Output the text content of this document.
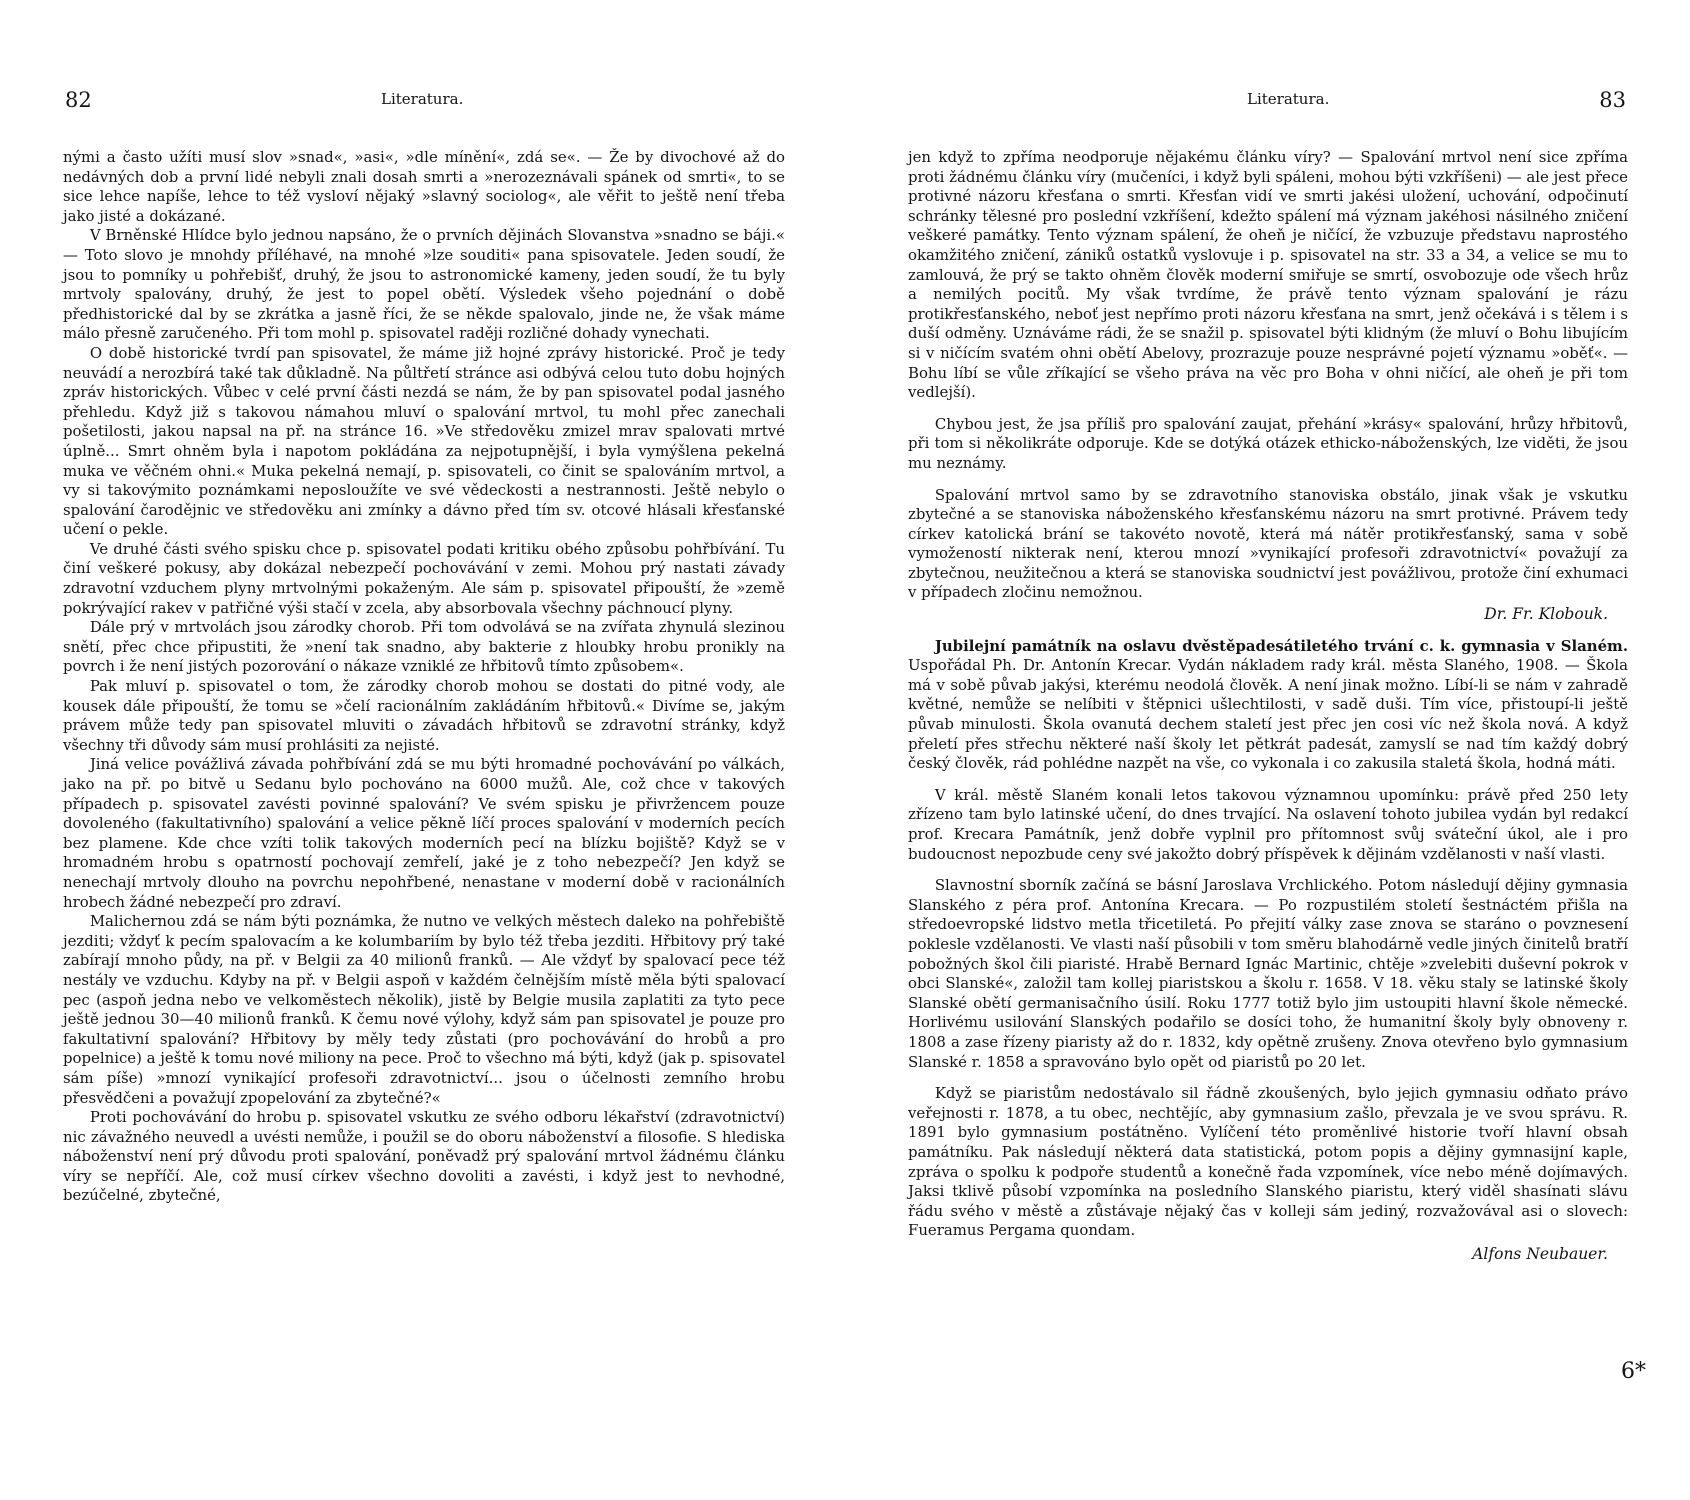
82	Literatura.

nými a často užíti musí slov »snad«, »asi«, »dle mínění«, zdá se«. — Že by divochové až do nedávných dob a první lidé nebyli znali dosah smrti a »nerozeznávali spánek od smrti«, to se sice lehce napíše, lehce to též vysloví nějaký »slavný sociolog«, ale věřit to ještě není třeba jako jisté a dokázané.

V Brněnské Hlídce bylo jednou napsáno, že o prvních dějinách Slovanstva »snadno se báji.« — Toto slovo je mnohdy příléhavé, na mnohé »lze souditi« pana spisovatele. Jeden soudí, že jsou to pomníky u pohřebišť, druhý, že jsou to astronomické kameny, jeden soudí, že tu byly mrtvoly spalovány, druhý, že jest to popel obětí. Výsledek všeho pojednání o době předhistorické dal by se zkrátka a jasně říci, že se někde spalovalo, jinde ne, že však máme málo přesně zaručeného. Při tom mohl p. spisovatel raději rozličné dohady vynechati.

O době historické tvrdí pan spisovatel, že máme již hojné zprávy historické. Proč je tedy neuvádí a nerozbírá také tak důkladně. Na půltřetí stránce asi odbývá celou tuto dobu hojných zpráv historických. Vůbec v celé první části nezdá se nám, že by pan spisovatel podal jasného přehledu. Když již s takovou námahou mluví o spalování mrtvol, tu mohl přec zanechali pošetilosti, jakou napsal na př. na stránce 16. »Ve středověku zmizel mrav spalovati mrtvé úplně... Smrt ohněm byla i napotom pokládána za nejpotupnější, i byla vymýšlena pekelná muka ve věčném ohni.« Muka pekelná nemají, p. spisovateli, co činit se spalováním mrtvol, a vy si takovýmito poznámkami neposloužíte ve své vědeckosti a nestrannosti. Ještě nebylo o spalování čarodějnic ve středověku ani zmínky a dávno před tím sv. otcové hlásali křesťanské učení o pekle.

Ve druhé části svého spisku chce p. spisovatel podati kritiku obého způsobu pohřbívání. Tu činí veškeré pokusy, aby dokázal nebezpečí pochovávání v zemi. Mohou prý nastati závady zdravotní vzduchem plyny mrtvolnými pokaženým. Ale sám p. spisovatel připouští, že »země pokrývající rakev v patřičné výši stačí v zcela, aby absorbovala všechny páchnoucí plyny.

Dále prý v mrtvolách jsou zárodky chorob. Při tom odvolává se na zvířata zhynulá slezinou snětí, přec chce připustiti, že »není tak snadno, aby bakterie z hloubky hrobu pronikly na povrch i že není jistých pozorování o nákaze vzniklé ze hřbitovů tímto způsobem«.

Pak mluví p. spisovatel o tom, že zárodky chorob mohou se dostati do pitné vody, ale kousek dále připouští, že tomu se »čelí racionálním zakládáním hřbitovů.« Divíme se, jakým právem může tedy pan spisovatel mluviti o závadách hřbitovů se zdravotní stránky, když všechny tři důvody sám musí prohlásiti za nejisté.

Jiná velice povážlivá závada pohřbívání zdá se mu býti hromadné pochovávání po válkách, jako na př. po bitvě u Sedanu bylo pochováno na 6000 mužů. Ale, což chce v takových případech p. spisovatel zavésti povinné spalování? Ve svém spisku je přivržencem pouze dovoleného (fakultativního) spalování a velice pěkně líčí proces spalování v moderních pecích bez plamene. Kde chce vzíti tolik takových moderních pecí na blízku bojiště? Když se v hromadném hrobu s opatrností pochovají zemřelí, jaké je z toho nebezpečí? Jen když se nenechají mrtvoly dlouho na povrchu nepohřbené, nenastane v moderní době v racionálních hrobech žádné nebezpečí pro zdraví.

Malichernou zdá se nám býti poznámka, že nutno ve velkých městech daleko na pohřebiště jezditi; vždyť k pecím spalovacím a ke kolumbariím by bylo též třeba jezditi. Hřbitovy prý také zabírají mnoho půdy, na př. v Belgii za 40 milionů franků. — Ale vždyť by spalovací pece též nestály ve vzduchu. Kdyby na př. v Belgii aspoň v každém čelnějším místě měla býti spalovací pec (aspoň jedna nebo ve velkoměstech několik), jistě by Belgie musila zaplatiti za tyto pece ještě jednou 30—40 milionů franků. K čemu nové výlohy, když sám pan spisovatel je pouze pro fakultativní spalování? Hřbitovy by měly tedy zůstati (pro pochovávání do hrobů a pro popelnice) a ještě k tomu nové miliony na pece. Proč to všechno má býti, když (jak p. spisovatel sám píše) »mnozí vynikající profesoři zdravotnictví... jsou o účelnosti zemního hrobu přesvědčeni a považují zpopelování za zbytečné?«

Proti pochovávání do hrobu p. spisovatel vskutku ze svého odboru lékařství (zdravotnictví) nic závažného neuvedl a uvésti nemůže, i použil se do oboru náboženství a filosofie. S hlediska náboženství není prý důvodu proti spalování, poněvadž prý spalování mrtvol žádnému článku víry se nepříčí. Ale, což musí církev všechno dovoliti a zavésti, i když jest to nevhodné, bezúčelné, zbytečné,

Literatura.	83

jen když to zpříma neodporuje nějakému článku víry? — Spalování mrtvol není sice zpříma proti žádnému článku víry (mučeníci, i když byli spáleni, mohou býti vzkříšeni) — ale jest přece protivné názoru křesťana o smrti. Křesťan vidí ve smrti jakési uložení, uchování, odpočinutí schránky tělesné pro poslední vzkříšení, kdežto spálení má význam jakéhosi násilného zničení veškeré památky. Tento význam spálení, že oheň je ničící, že vzbuzuje představu naprostého okamžitého zničení, zániků ostatků vyslovuje i p. spisovatel na str. 33 a 34, a velice se mu to zamlouvá, že prý se takto ohněm člověk moderní smiřuje se smrtí, osvobozuje ode všech hrůz a nemilých pocitů. My však tvrdíme, že právě tento význam spalování je rázu protikřesťanského, neboť jest nepřímo proti názoru křesťana na smrt, jenž očekává i s tělem i s duší odměny. Uznáváme rádi, že se snažil p. spisovatel býti klidným (že mluví o Bohu libujícím si v ničícím svatém ohni obětí Abelovy, prozrazuje pouze nesprávné pojetí významu »oběť«. — Bohu líbí se vůle zříkající se všeho práva na věc pro Boha v ohni ničící, ale oheň je při tom vedlejší).

Chybou jest, že jsa příliš pro spalování zaujat, přehání »krásy« spalování, hrůzy hřbitovů, při tom si několikráte odporuje. Kde se dotýká otázek ethicko-náboženských, lze viděti, že jsou mu neznámy.

Spalování mrtvol samo by se zdravotního stanoviska obstálo, jinak však je vskutku zbytečné a se stanoviska náboženského křesťanskému názoru na smrt protivné. Právem tedy církev katolická brání se takovéto novotě, která má nátěr protikřesťanský, sama v sobě vymožeností nikterak není, kterou mnozí »vynikající profesoři zdravotnictví« považují za zbytečnou, neužitečnou a která se stanoviska soudnictví jest povážlivou, protože činí exhumaci v případech zločinu nemožnou.

Dr. Fr. Klobouk.

Jubilejní památník na oslavu dvěstěpadesátiletého trvání c. k. gymnasia v Slaném. Uspořádal Ph. Dr. Antonín Krecar. Vydán nákladem rady král. města Slaného, 1908. — Škola má v sobě půvab jakýsi, kterému neodolá člověk. A není jinak možno. Líbí-li se nám v zahradě květné, nemůže se nelíbiti v štěpnici ušlechtilosti, v sadě duši. Tím více, přistoupí-li ještě půvab minulosti. Škola ovanutá dechem staletí jest přec jen cosi víc než škola nová. A když přeletí přes střechu některé naší školy let pětkrát padesát, zamyslí se nad tím každý dobrý český člověk, rád pohlédne nazpět na vše, co vykonala i co zakusila staletá škola, hodná máti.

V král. městě Slaném konali letos takovou významnou upomínku: právě před 250 lety zřízeno tam bylo latinské učení, do dnes trvající. Na oslavení tohoto jubilea vydán byl redakcí prof. Krecara Památník, jenž dobře vyplnil pro přítomnost svůj sváteční úkol, ale i pro budoucnost nepozbude ceny své jakožto dobrý příspěvek k dějinám vzdělanosti v naší vlasti.

Slavnostní sborník začíná se básní Jaroslava Vrchlického. Potom následují dějiny gymnasia Slanského z péra prof. Antonína Krecara. — Po rozpustilém století šestnáctém přišla na středoevropské lidstvo metla třicetiletá. Po přejití války zase znova se staráno o povznesení poklesle vzdělanosti. Ve vlasti naší působili v tom směru blahodárně vedle jiných činitelů bratří pobožných škol čili piaristé. Hrabě Bernard Ignác Martinic, chtěje »zvelebiti duševní pokrok v obci Slanské«, založil tam kollej piaristskou a školu r. 1658. V 18. věku staly se latinské školy Slanské obětí germanisačního úsilí. Roku 1777 totiž bylo jim ustoupiti hlavní škole německé. Horlivému usilování Slanských podařilo se dosíci toho, že humanitní školy byly obnoveny r. 1808 a zase řízeny piaristy až do r. 1832, kdy opětně zrušeny. Znova otevřeno bylo gymnasium Slanské r. 1858 a spravováno bylo opět od piaristů po 20 let.

Když se piaristům nedostávalo sil řádně zkoušených, bylo jejich gymnasiu odňato právo veřejnosti r. 1878, a tu obec, nechtějíc, aby gymnasium zašlo, převzala je ve svou správu. R. 1891 bylo gymnasium postátněno. Vylíčení této proměnlivé historie tvoří hlavní obsah památníku. Pak následují některá data statistická, potom popis a dějiny gymnasijní kaple, zpráva o spolku k podpoře studentů a konečně řada vzpomínek, více nebo méně dojímavých. Jaksi tklivě působí vzpomínka na posledního Slanského piaristu, který viděl shasínati slávu řádu svého v městě a zůstávaje nějaký čas v kolleji sám jediný, rozvažovával asi o slovech: Fueramus Pergama quondam.

Alfons Neubauer.
6*
